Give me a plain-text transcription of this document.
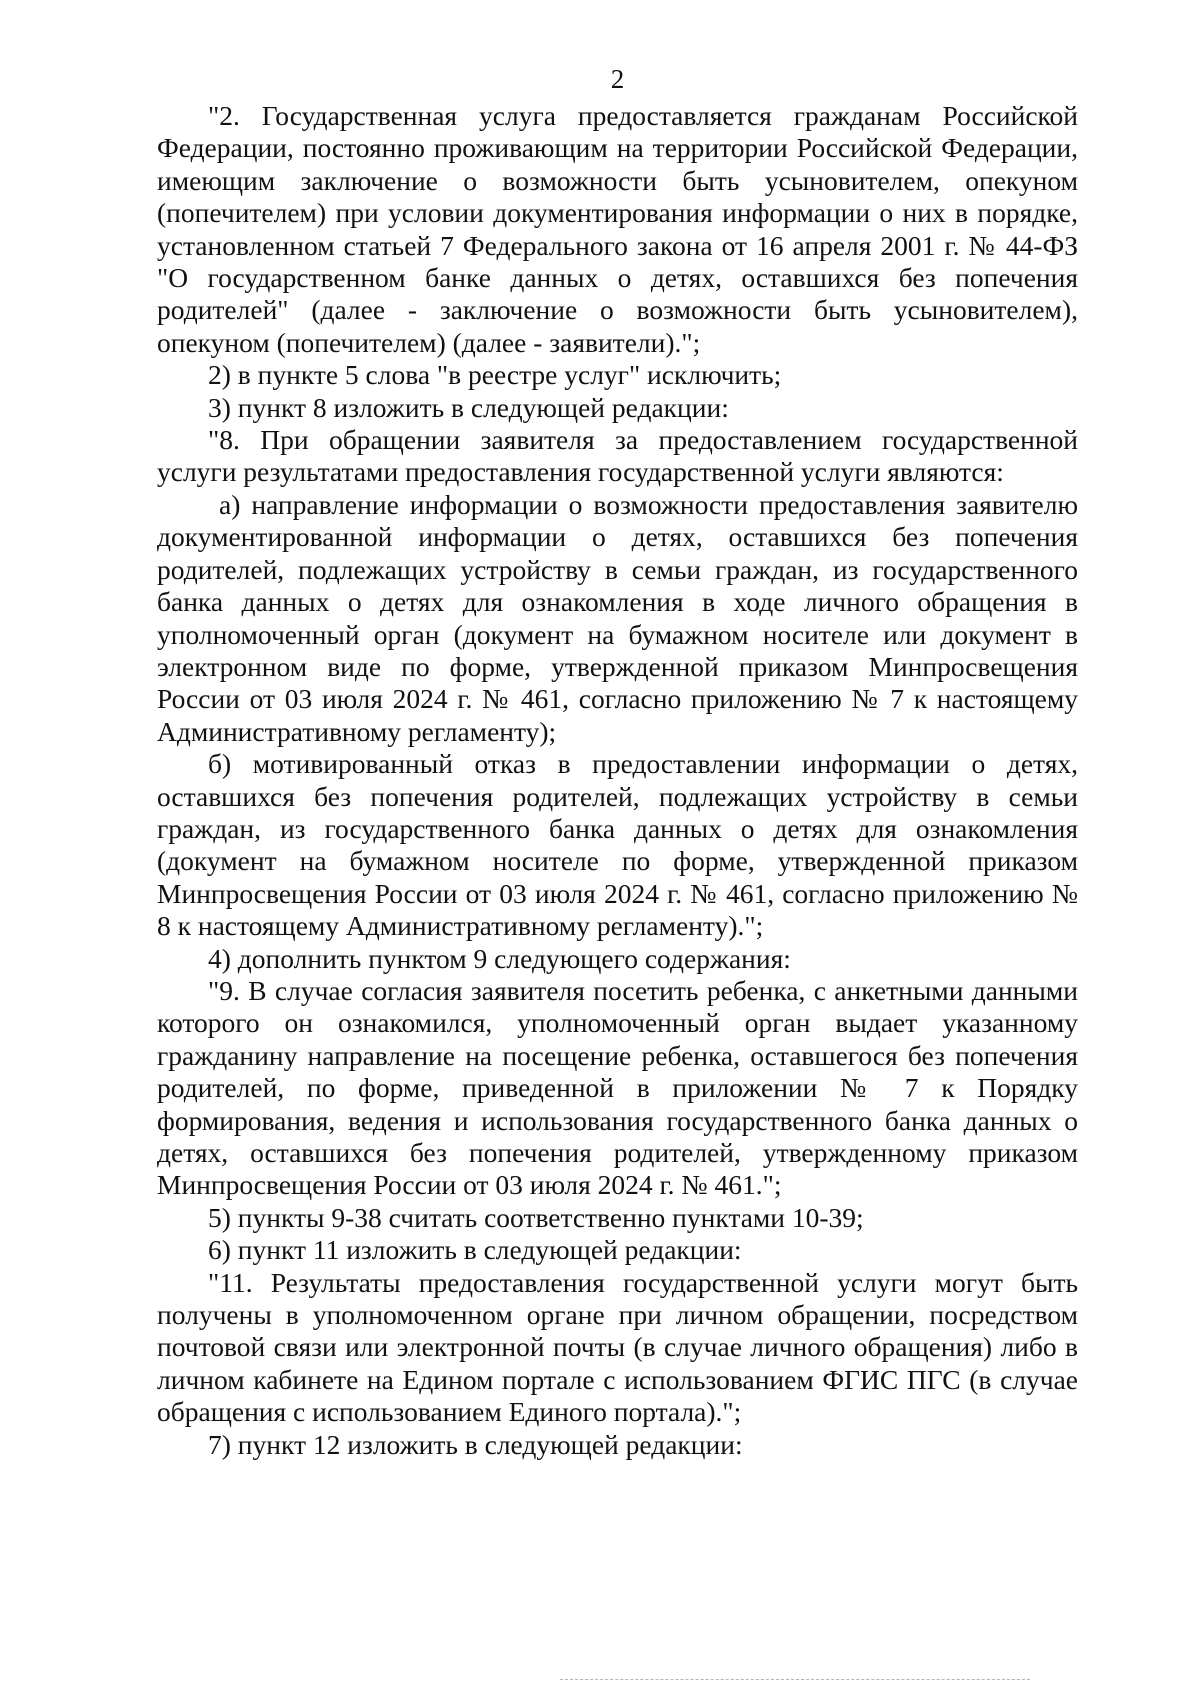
2

"2. Государственная услуга предоставляется гражданам Российской Федерации, постоянно проживающим на территории Российской Федерации, имеющим заключение о возможности быть усыновителем, опекуном (попечителем) при условии документирования информации о них в порядке, установленном статьей 7 Федерального закона от 16 апреля 2001 г. № 44-ФЗ "О государственном банке данных о детях, оставшихся без попечения родителей" (далее - заключение о возможности быть усыновителем), опекуном (попечителем) (далее - заявители).";

2) в пункте 5 слова "в реестре услуг" исключить;

3) пункт 8 изложить в следующей редакции:

"8. При обращении заявителя за предоставлением государственной услуги результатами предоставления государственной услуги являются:

а) направление информации о возможности предоставления заявителю документированной информации о детях, оставшихся без попечения родителей, подлежащих устройству в семьи граждан, из государственного банка данных о детях для ознакомления в ходе личного обращения в уполномоченный орган (документ на бумажном носителе или документ в электронном виде по форме, утвержденной приказом Минпросвещения России от 03 июля 2024 г. № 461, согласно приложению № 7 к настоящему Административному регламенту);

б) мотивированный отказ в предоставлении информации о детях, оставшихся без попечения родителей, подлежащих устройству в семьи граждан, из государственного банка данных о детях для ознакомления (документ на бумажном носителе по форме, утвержденной приказом Минпросвещения России от 03 июля 2024 г. № 461, согласно приложению № 8 к настоящему Административному регламенту).";

4) дополнить пунктом 9 следующего содержания:

"9. В случае согласия заявителя посетить ребенка, с анкетными данными которого он ознакомился, уполномоченный орган выдает указанному гражданину направление на посещение ребенка, оставшегося без попечения родителей, по форме, приведенной в приложении № 7 к Порядку формирования, ведения и использования государственного банка данных о детях, оставшихся без попечения родителей, утвержденному приказом Минпросвещения России от 03 июля 2024 г. № 461.";

5) пункты 9-38 считать соответственно пунктами 10-39;

6) пункт 11 изложить в следующей редакции:

"11. Результаты предоставления государственной услуги могут быть получены в уполномоченном органе при личном обращении, посредством почтовой связи или электронной почты (в случае личного обращения) либо в личном кабинете на Едином портале с использованием ФГИС ПГС (в случае обращения с использованием Единого портала).";

7) пункт 12 изложить в следующей редакции:
